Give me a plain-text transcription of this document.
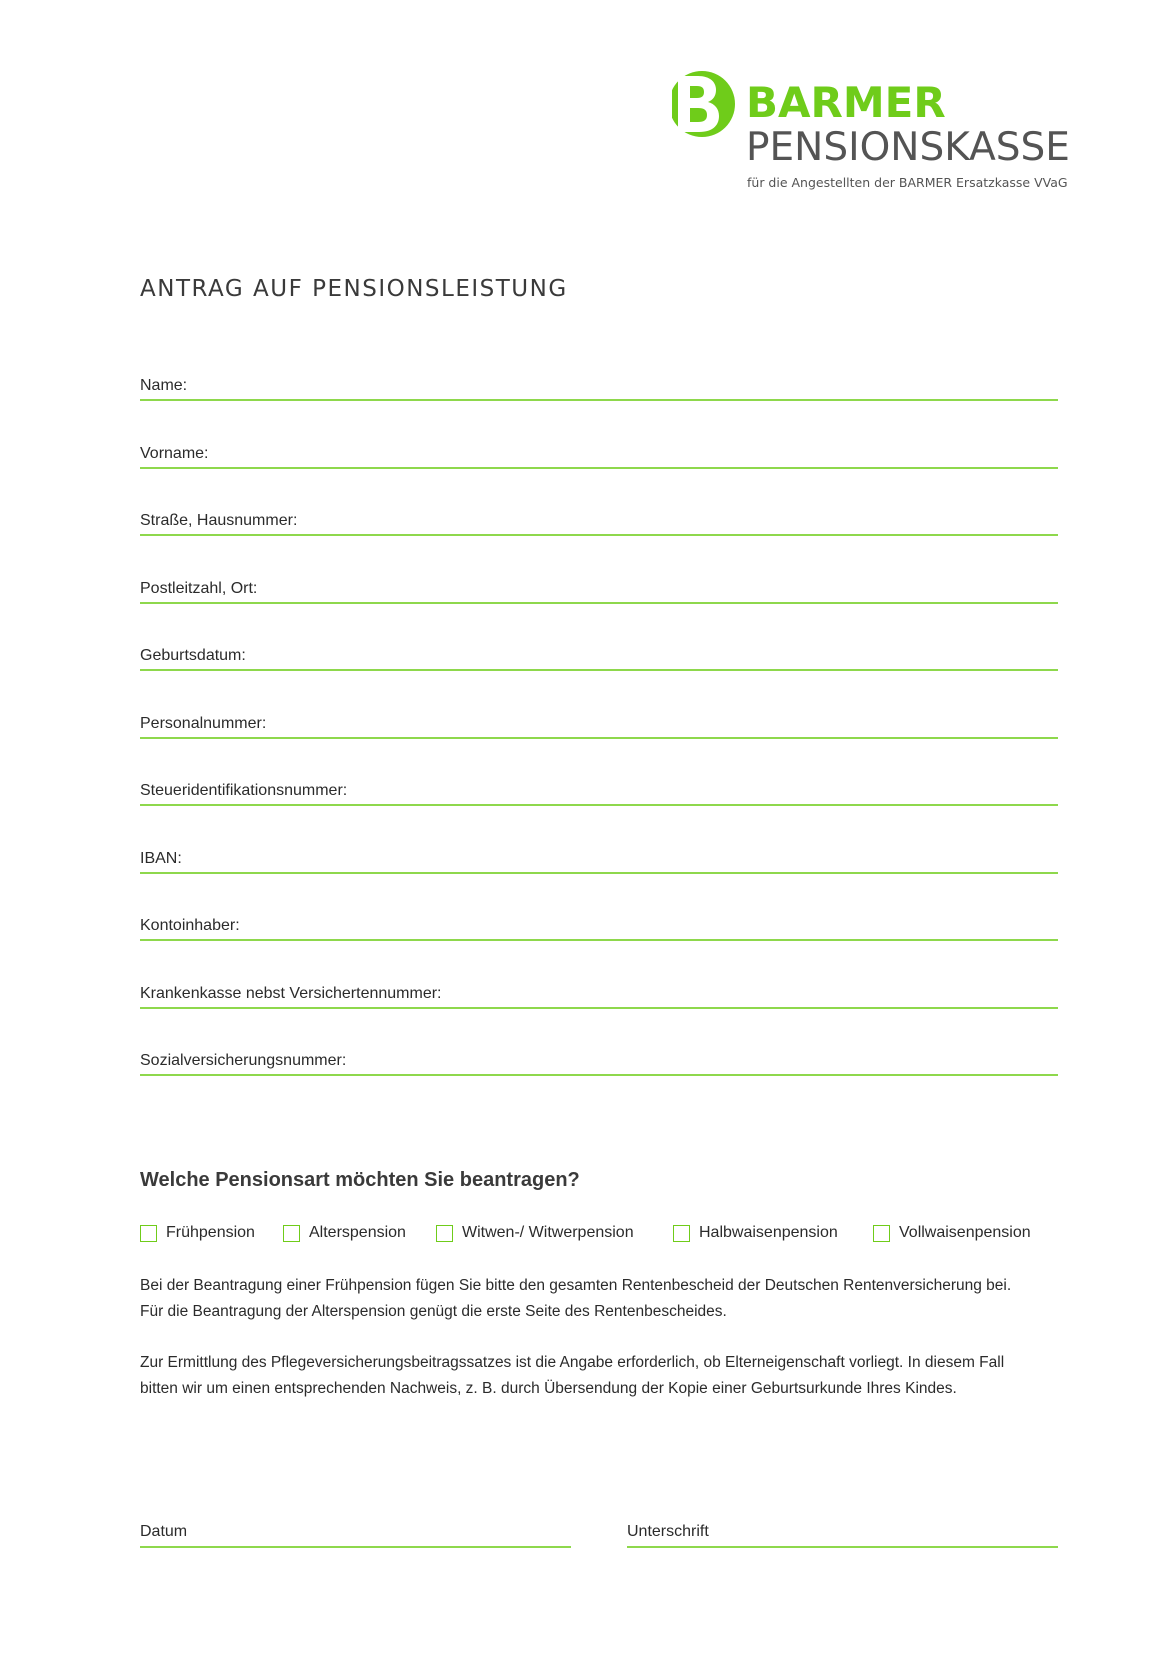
BARMER
PENSIONSKASSE
für die Angestellten der BARMER Ersatzkasse VVaG
ANTRAG AUF PENSIONSLEISTUNG
Name:
Vorname:
Straße, Hausnummer:
Postleitzahl, Ort:
Geburtsdatum:
Personalnummer:
Steueridentifikationsnummer:
IBAN:
Kontoinhaber:
Krankenkasse nebst Versichertennummer:
Sozialversicherungsnummer:
Welche Pensionsart möchten Sie beantragen?
Frühpension	Alterspension	Witwen-/ Witwerpension	Halbwaisenpension	Vollwaisenpension

Bei der Beantragung einer Frühpension fügen Sie bitte den gesamten Rentenbescheid der Deutschen Rentenversicherung bei.
Für die Beantragung der Alterspension genügt die erste Seite des Rentenbescheides.

Zur Ermittlung des Pflegeversicherungsbeitragssatzes ist die Angabe erforderlich, ob Elterneigenschaft vorliegt. In diesem Fall
bitten wir um einen entsprechenden Nachweis, z. B. durch Übersendung der Kopie einer Geburtsurkunde Ihres Kindes.

Datum	Unterschrift
